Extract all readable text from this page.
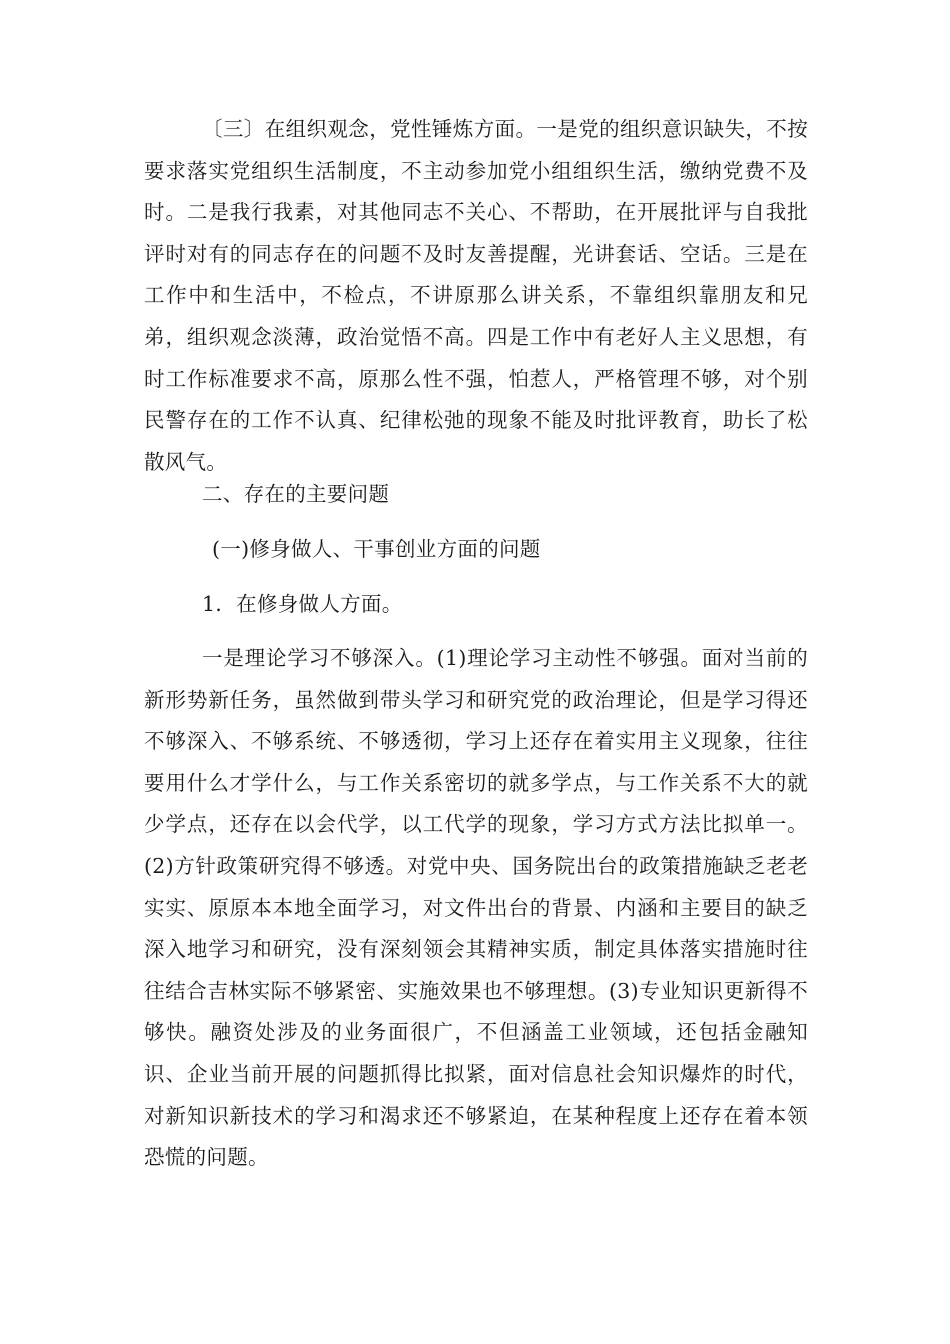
〔三〕在组织观念，党性锤炼方面。一是党的组织意识缺失，不按要求落实党组织生活制度，不主动参加党小组组织生活，缴纳党费不及时。二是我行我素，对其他同志不关心、不帮助，在开展批评与自我批评时对有的同志存在的问题不及时友善提醒，光讲套话、空话。三是在工作中和生活中，不检点，不讲原那么讲关系，不靠组织靠朋友和兄弟，组织观念淡薄，政治觉悟不高。四是工作中有老好人主义思想，有时工作标准要求不高，原那么性不强，怕惹人，严格管理不够，对个别民警存在的工作不认真、纪律松弛的现象不能及时批评教育，助长了松散风气。

二、存在的主要问题

(一)修身做人、干事创业方面的问题

1．在修身做人方面。

一是理论学习不够深入。(1)理论学习主动性不够强。面对当前的新形势新任务，虽然做到带头学习和研究党的政治理论，但是学习得还不够深入、不够系统、不够透彻，学习上还存在着实用主义现象，往往要用什么才学什么，与工作关系密切的就多学点，与工作关系不大的就少学点，还存在以会代学，以工代学的现象，学习方式方法比拟单一。(2)方针政策研究得不够透。对党中央、国务院出台的政策措施缺乏老老实实、原原本本地全面学习，对文件出台的背景、内涵和主要目的缺乏深入地学习和研究，没有深刻领会其精神实质，制定具体落实措施时往往结合吉林实际不够紧密、实施效果也不够理想。(3)专业知识更新得不够快。融资处涉及的业务面很广，不但涵盖工业领域，还包括金融知识、企业当前开展的问题抓得比拟紧，面对信息社会知识爆炸的时代，对新知识新技术的学习和渴求还不够紧迫，在某种程度上还存在着本领恐慌的问题。
